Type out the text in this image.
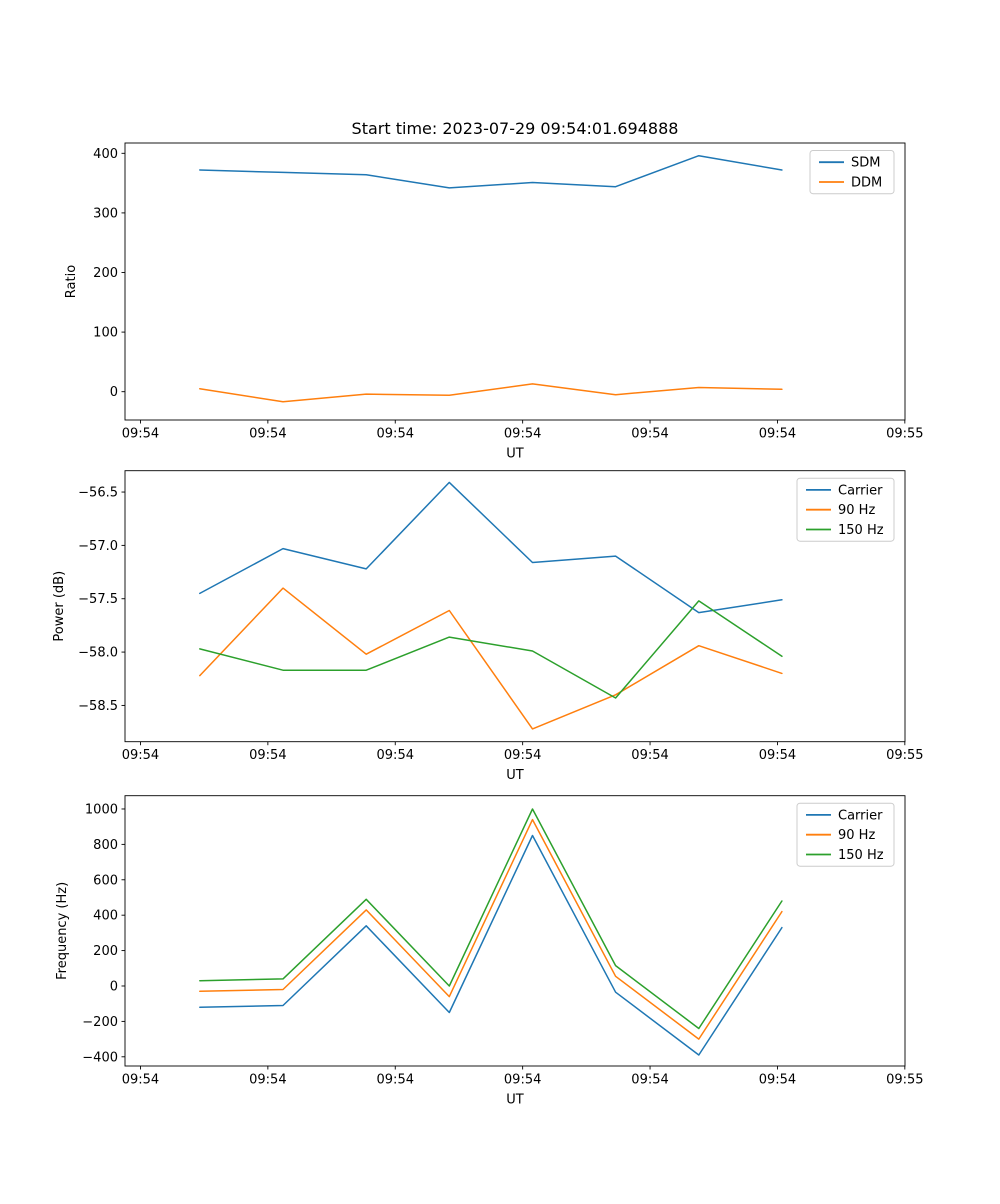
Start time: 2023-07-29 09:54:01.694888
0
100
200
300
400
09:54	09:54	09:54	09:54	09:54	09:54	09:55
UT
Ratio
SDM
DDM
−58.5
−58.0
−57.5
−57.0
−56.5
09:54	09:54	09:54	09:54	09:54	09:54	09:55
UT
Power (dB)
Carrier
90 Hz
150 Hz
−400
−200
0
200
400
600
800
1000
09:54	09:54	09:54	09:54	09:54	09:54	09:55
UT
Frequency (Hz)
Carrier
90 Hz
150 Hz
